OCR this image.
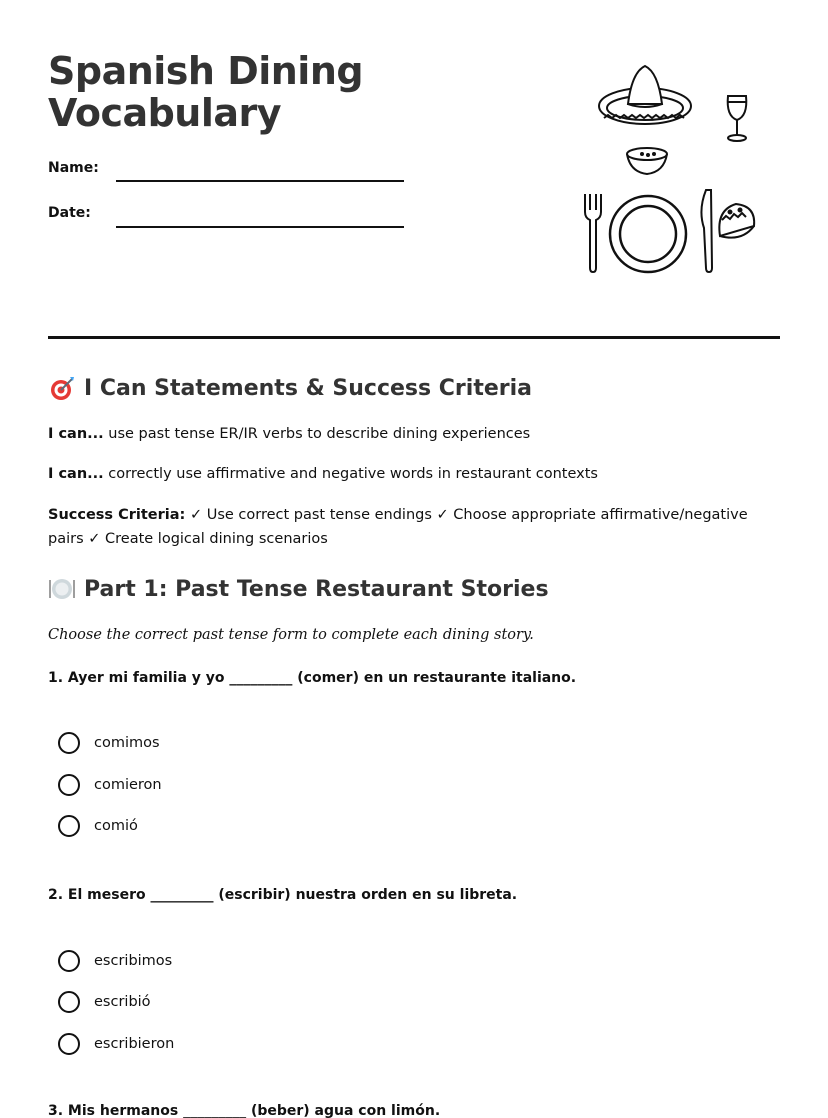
Spanish Dining
Vocabulary
Name:
Date:
I Can Statements & Success Criteria
I can... use past tense ER/IR verbs to describe dining experiences
I can... correctly use affirmative and negative words in restaurant contexts
Success Criteria: ✓ Use correct past tense endings ✓ Choose appropriate affirmative/negative pairs ✓ Create logical dining scenarios
Part 1: Past Tense Restaurant Stories
Choose the correct past tense form to complete each dining story.
1. Ayer mi familia y yo _________ (comer) en un restaurante italiano.
comimos
comieron
comió
2. El mesero _________ (escribir) nuestra orden en su libreta.
escribimos
escribió
escribieron
3. Mis hermanos _________ (beber) agua con limón.
